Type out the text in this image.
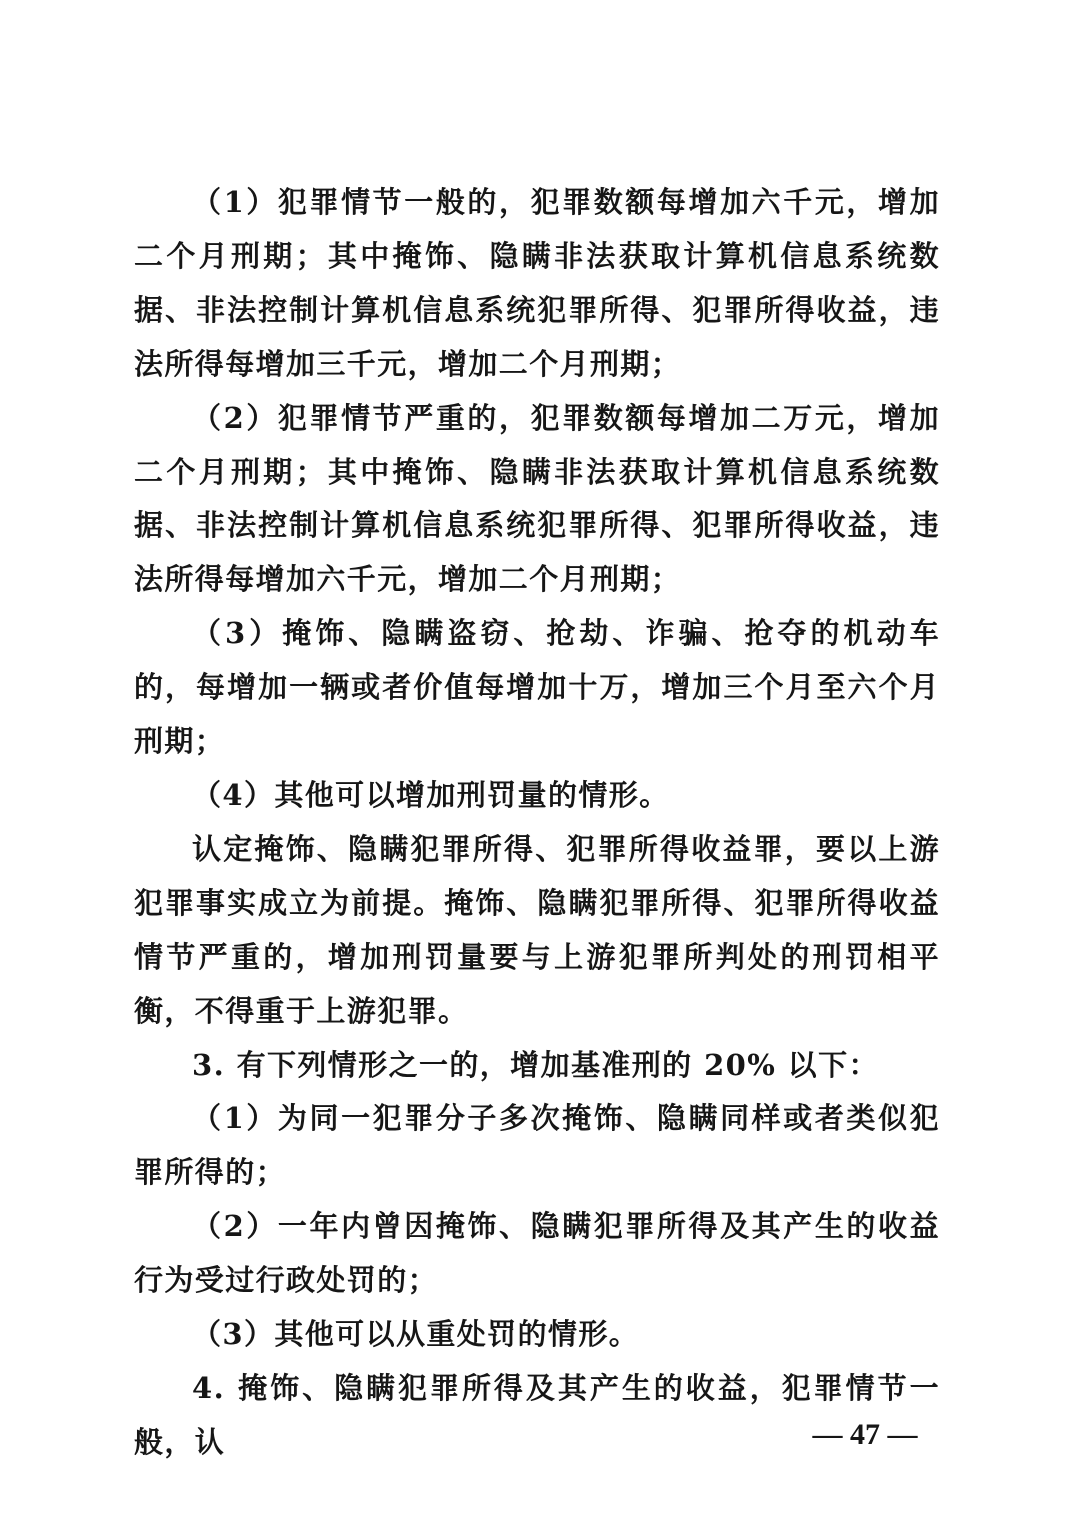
（1）犯罪情节一般的，犯罪数额每增加六千元，增加二个月刑期；其中掩饰、隐瞒非法获取计算机信息系统数据、非法控制计算机信息系统犯罪所得、犯罪所得收益，违法所得每增加三千元，增加二个月刑期；

（2）犯罪情节严重的，犯罪数额每增加二万元，增加二个月刑期；其中掩饰、隐瞒非法获取计算机信息系统数据、非法控制计算机信息系统犯罪所得、犯罪所得收益，违法所得每增加六千元，增加二个月刑期；

（3）掩饰、隐瞒盗窃、抢劫、诈骗、抢夺的机动车的，每增加一辆或者价值每增加十万，增加三个月至六个月刑期；

（4）其他可以增加刑罚量的情形。

认定掩饰、隐瞒犯罪所得、犯罪所得收益罪，要以上游犯罪事实成立为前提。掩饰、隐瞒犯罪所得、犯罪所得收益情节严重的，增加刑罚量要与上游犯罪所判处的刑罚相平衡，不得重于上游犯罪。

3. 有下列情形之一的，增加基准刑的 20% 以下：

（1）为同一犯罪分子多次掩饰、隐瞒同样或者类似犯罪所得的；

（2）一年内曾因掩饰、隐瞒犯罪所得及其产生的收益行为受过行政处罚的；

（3）其他可以从重处罚的情形。

4. 掩饰、隐瞒犯罪所得及其产生的收益，犯罪情节一般，认	— 47 —
